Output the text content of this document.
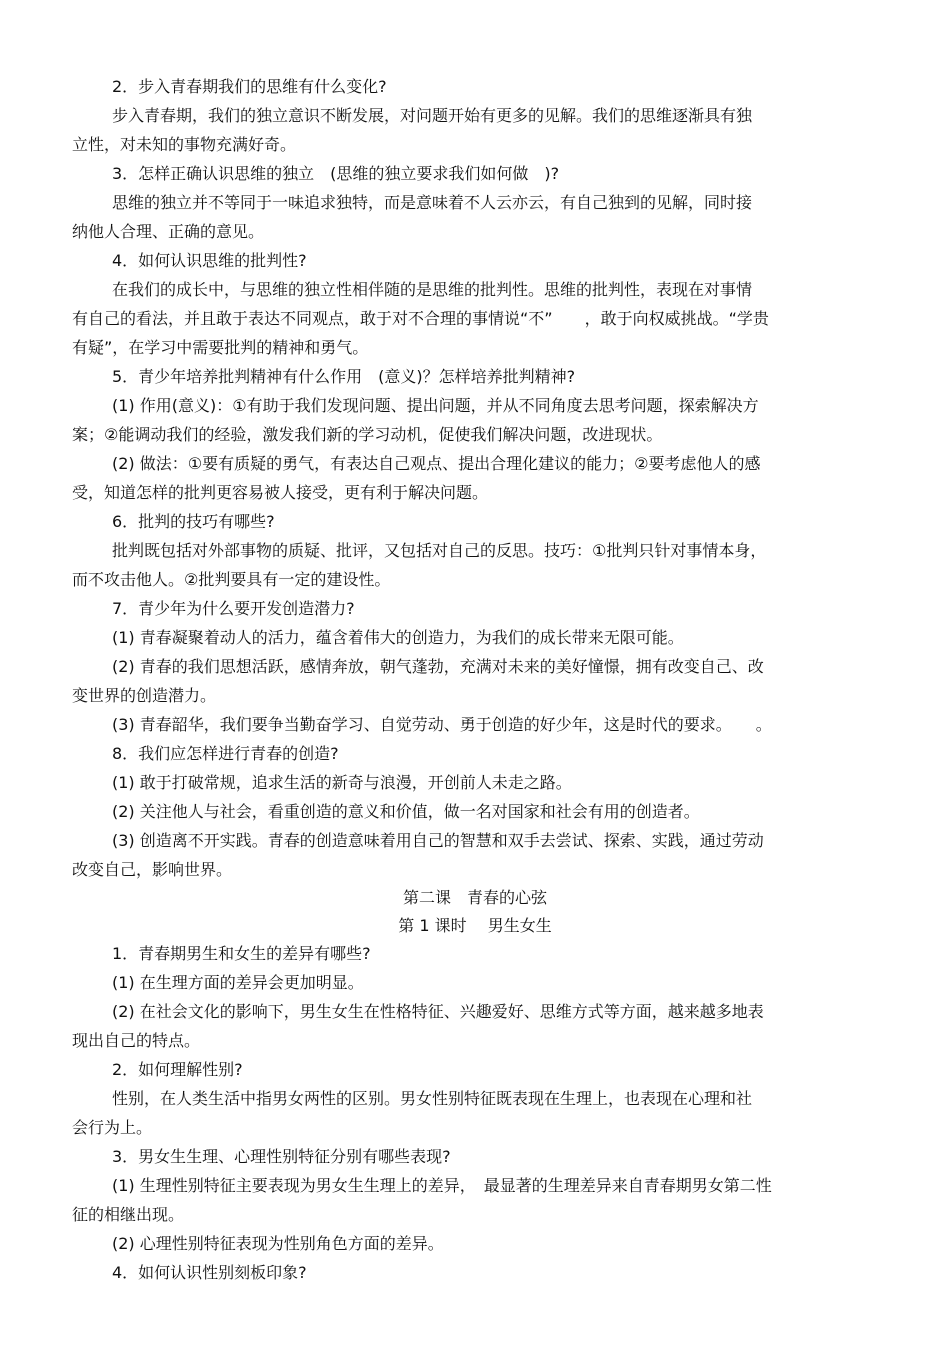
2．步入青春期我们的思维有什么变化?
步入青春期，我们的独立意识不断发展，对问题开始有更多的见解。我们的思维逐渐具有独
立性，对未知的事物充满好奇。
3．怎样正确认识思维的独立　(思维的独立要求我们如何做　)?
思维的独立并不等同于一味追求独特，而是意味着不人云亦云，有自己独到的见解，同时接
纳他人合理、正确的意见。
4．如何认识思维的批判性?
在我们的成长中，与思维的独立性相伴随的是思维的批判性。思维的批判性，表现在对事情
有自己的看法，并且敢于表达不同观点，敢于对不合理的事情说“不”　　，敢于向权威挑战。“学贵
有疑”，在学习中需要批判的精神和勇气。
5．青少年培养批判精神有什么作用　(意义)？怎样培养批判精神?
(1) 作用(意义)：①有助于我们发现问题、提出问题，并从不同角度去思考问题，探索解决方
案；②能调动我们的经验，激发我们新的学习动机，促使我们解决问题，改进现状。
(2) 做法：①要有质疑的勇气，有表达自己观点、提出合理化建议的能力；②要考虑他人的感
受，知道怎样的批判更容易被人接受，更有利于解决问题。
6．批判的技巧有哪些?
批判既包括对外部事物的质疑、批评，又包括对自己的反思。技巧：①批判只针对事情本身，
而不攻击他人。②批判要具有一定的建设性。
7．青少年为什么要开发创造潜力?
(1) 青春凝聚着动人的活力，蕴含着伟大的创造力，为我们的成长带来无限可能。
(2) 青春的我们思想活跃，感情奔放，朝气蓬勃，充满对未来的美好憧憬，拥有改变自己、改
变世界的创造潜力。
(3) 青春韶华，我们要争当勤奋学习、自觉劳动、勇于创造的好少年，这是时代的要求。　　。
8．我们应怎样进行青春的创造?
(1) 敢于打破常规，追求生活的新奇与浪漫，开创前人未走之路。
(2) 关注他人与社会，看重创造的意义和价值，做一名对国家和社会有用的创造者。
(3) 创造离不开实践。青春的创造意味着用自己的智慧和双手去尝试、探索、实践，通过劳动
改变自己，影响世界。
第二课　青春的心弦
第 1 课时　 男生女生
1．青春期男生和女生的差异有哪些?
(1) 在生理方面的差异会更加明显。
(2) 在社会文化的影响下，男生女生在性格特征、兴趣爱好、思维方式等方面，越来越多地表
现出自己的特点。
2．如何理解性别?
性别，在人类生活中指男女两性的区别。男女性别特征既表现在生理上，也表现在心理和社
会行为上。
3．男女生生理、心理性别特征分别有哪些表现?
(1) 生理性别特征主要表现为男女生生理上的差异，　最显著的生理差异来自青春期男女第二性
征的相继出现。
(2) 心理性别特征表现为性别角色方面的差异。
4．如何认识性别刻板印象?
